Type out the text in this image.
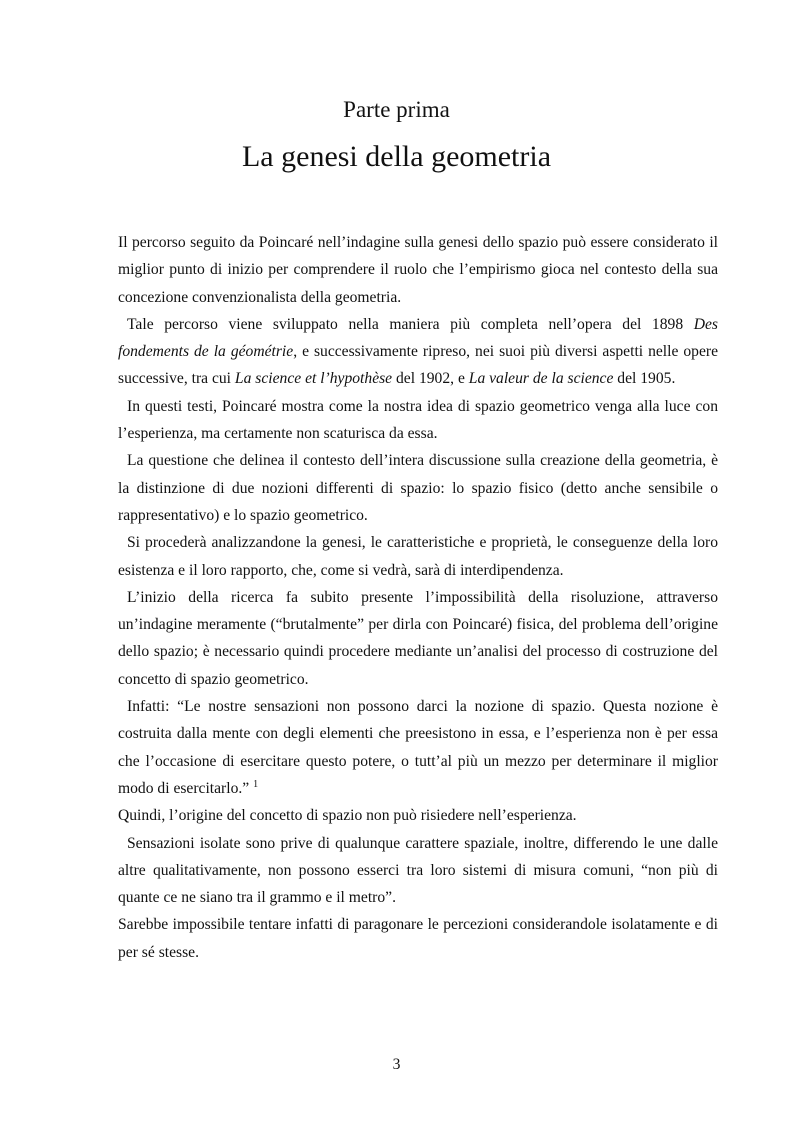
Parte prima
La genesi della geometria

Il percorso seguito da Poincaré nell’indagine sulla genesi dello spazio può essere considerato il miglior punto di inizio per comprendere il ruolo che l’empirismo gioca nel contesto della sua concezione convenzionalista della geometria.

Tale percorso viene sviluppato nella maniera più completa nell’opera del 1898 Des fondements de la géométrie, e successivamente ripreso, nei suoi più diversi aspetti nelle opere successive, tra cui La science et l’hypothèse del 1902, e La valeur de la science del 1905.

In questi testi, Poincaré mostra come la nostra idea di spazio geometrico venga alla luce con l’esperienza, ma certamente non scaturisca da essa.

La questione che delinea il contesto dell’intera discussione sulla creazione della geometria, è la distinzione di due nozioni differenti di spazio: lo spazio fisico (detto anche sensibile o rappresentativo) e lo spazio geometrico.

Si procederà analizzandone la genesi, le caratteristiche e proprietà, le conseguenze della loro esistenza e il loro rapporto, che, come si vedrà, sarà di interdipendenza.

L’inizio della ricerca fa subito presente l’impossibilità della risoluzione, attraverso un’indagine meramente (“brutalmente” per dirla con Poincaré) fisica, del problema dell’origine dello spazio; è necessario quindi procedere mediante un’analisi del processo di costruzione del concetto di spazio geometrico.

Infatti: “Le nostre sensazioni non possono darci la nozione di spazio. Questa nozione è costruita dalla mente con degli elementi che preesistono in essa, e l’esperienza non è per essa che l’occasione di esercitare questo potere, o tutt’al più un mezzo per determinare il miglior modo di esercitarlo.” $^1$

Quindi, l’origine del concetto di spazio non può risiedere nell’esperienza.

Sensazioni isolate sono prive di qualunque carattere spaziale, inoltre, differendo le une dalle altre qualitativamente, non possono esserci tra loro sistemi di misura comuni, “non più di quante ce ne siano tra il grammo e il metro”.

Sarebbe impossibile tentare infatti di paragonare le percezioni considerandole isolatamente e di per sé stesse.

3
